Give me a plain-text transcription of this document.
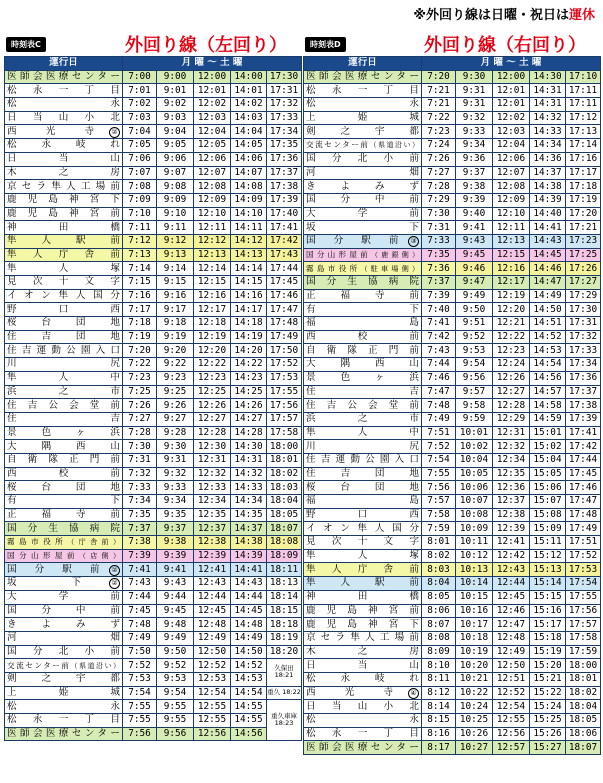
※外回り線は日曜・祝日は運休
時刻表C	外回り線（左回り）
運行日	月 曜 ～ 土 曜				
医師会医療センター	7:00	9:00	12:00	14:00	17:30
松 永 一 丁 目	7:01	9:01	12:01	14:01	17:31
松 永	7:02	9:02	12:02	14:02	17:32
日 当 山 小 北	7:03	9:03	12:03	14:03	17:33
西 光 寺 ②	7:04	9:04	12:04	14:04	17:34
松 永 岐 れ	7:05	9:05	12:05	14:05	17:35
日 当 山	7:06	9:06	12:06	14:06	17:36
木 之 房	7:07	9:07	12:07	14:07	17:37
京セラ隼人工場前	7:08	9:08	12:08	14:08	17:38
鹿 児 島 神 宮 下	7:09	9:09	12:09	14:09	17:39
鹿 児 島 神 宮 前	7:10	9:10	12:10	14:10	17:40
神 田 橋	7:11	9:11	12:11	14:11	17:41
隼 人 駅 前	7:12	9:12	12:12	14:12	17:42
隼 人 庁 舎 前	7:13	9:13	12:13	14:13	17:43
隼 人 塚	7:14	9:14	12:14	14:14	17:44
見 次 十 文 字	7:15	9:15	12:15	14:15	17:45
イオン隼人国分	7:16	9:16	12:16	14:16	17:46
野 口 西	7:17	9:17	12:17	14:17	17:47
桜 台 団 地	7:18	9:18	12:18	14:18	17:48
住 吉 団 地	7:19	9:19	12:19	14:19	17:49
住吉運動公園入口	7:20	9:20	12:20	14:20	17:50
川 尻	7:22	9:22	12:22	14:22	17:52
隼 人 中	7:23	9:23	12:23	14:23	17:53
浜 之 市	7:25	9:25	12:25	14:25	17:55
住 吉 公 会 堂 前	7:26	9:26	12:26	14:26	17:56
住 吉	7:27	9:27	12:27	14:27	17:57
景 色 ヶ 浜	7:28	9:28	12:28	14:28	17:58
大 隅 西 山	7:30	9:30	12:30	14:30	18:00
自 衛 隊 正 門 前	7:31	9:31	12:31	14:31	18:01
西 校 前	7:32	9:32	12:32	14:32	18:02
桜 台 団 地	7:33	9:33	12:33	14:33	18:03
有 下	7:34	9:34	12:34	14:34	18:04
正 福 寺 前	7:35	9:35	12:35	14:35	18:05
国 分 生 協 病 院	7:37	9:37	12:37	14:37	18:07
霧島市役所（庁舎前）	7:38	9:38	12:38	14:38	18:08
国分山形屋前（店側）	7:39	9:39	12:39	14:39	18:09
国 分 駅 前 ②	7:41	9:41	12:41	14:41	18:11
坂 下 ②	7:43	9:43	12:43	14:43	18:13
大 学 前	7:44	9:44	12:44	14:44	18:14
国 分 中 前	7:45	9:45	12:45	14:45	18:15
き よ み ず	7:48	9:48	12:48	14:48	18:18
河 畑	7:49	9:49	12:49	14:49	18:19
国 分 北 小 前	7:50	9:50	12:50	14:50	18:20
交流センター前（県道沿い）	7:52	9:52	12:52	14:52	久保田 18:21
剣 之 宇 都	7:53	9:53	12:53	14:53	
上 姫 城	7:54	9:54	12:54	14:54	重久 18:22
松 永	7:55	9:55	12:55	14:55	重久車庫 18:23
松 永 一 丁 目	7:55	9:55	12:55	14:55	
医師会医療センター	7:56	9:56	12:56	14:56	
時刻表D	外回り線（右回り）
運行日	月 曜 ～ 土 曜				
医師会医療センター	7:20	9:30	12:00	14:30	17:10
松 永 一 丁 目	7:21	9:31	12:01	14:31	17:11
松 永	7:21	9:31	12:01	14:31	17:11
上 姫 城	7:22	9:32	12:02	14:32	17:12
剣 之 宇 都	7:23	9:33	12:03	14:33	17:13
交流センター前（県道沿い）	7:24	9:34	12:04	14:34	17:14
国 分 北 小 前	7:26	9:36	12:06	14:36	17:16
河 畑	7:27	9:37	12:07	14:37	17:17
き よ み ず	7:28	9:38	12:08	14:38	17:18
国 分 中 前	7:29	9:39	12:09	14:39	17:19
大 学 前	7:30	9:40	12:10	14:40	17:20
坂 下	7:31	9:41	12:11	14:41	17:21
国 分 駅 前 ③	7:33	9:43	12:13	14:43	17:23
国分山形屋前（鹿銀側）	7:35	9:45	12:15	14:45	17:25
霧島市役所（駐車場側）	7:36	9:46	12:16	14:46	17:26
国 分 生 協 病 院	7:37	9:47	12:17	14:47	17:27
正 福 寺 前	7:39	9:49	12:19	14:49	17:29
有 下	7:40	9:50	12:20	14:50	17:30
福 島	7:41	9:51	12:21	14:51	17:31
西 校 前	7:42	9:52	12:22	14:52	17:32
自 衛 隊 正 門 前	7:43	9:53	12:23	14:53	17:33
大 隅 西 山	7:44	9:54	12:24	14:54	17:34
景 色 ヶ 浜	7:46	9:56	12:26	14:56	17:36
住 吉	7:47	9:57	12:27	14:57	17:37
住 吉 公 会 堂 前	7:48	9:58	12:28	14:58	17:38
浜 之 市	7:49	9:59	12:29	14:59	17:39
隼 人 中	7:51	10:01	12:31	15:01	17:41
川 尻	7:52	10:02	12:32	15:02	17:42
住吉運動公園入口	7:54	10:04	12:34	15:04	17:44
住 吉 団 地	7:55	10:05	12:35	15:05	17:45
桜 台 団 地	7:56	10:06	12:36	15:06	17:46
福 島	7:57	10:07	12:37	15:07	17:47
野 口 西	7:58	10:08	12:38	15:08	17:48
イオン隼人国分	7:59	10:09	12:39	15:09	17:49
見 次 十 文 字	8:01	10:11	12:41	15:11	17:51
隼 人 塚	8:02	10:12	12:42	15:12	17:52
隼 人 庁 舎 前	8:03	10:13	12:43	15:13	17:53
隼 人 駅 前	8:04	10:14	12:44	15:14	17:54
神 田 橋	8:05	10:15	12:45	15:15	17:55
鹿 児 島 神 宮 前	8:06	10:16	12:46	15:16	17:56
鹿 児 島 神 宮 下	8:07	10:17	12:47	15:17	17:57
京セラ隼人工場前	8:08	10:18	12:48	15:18	17:58
木 之 房	8:09	10:19	12:49	15:19	17:59
日 当 山	8:10	10:20	12:50	15:20	18:00
松 永 岐 れ	8:11	10:21	12:51	15:21	18:01
西 光 寺 ④	8:12	10:22	12:52	15:22	18:02
日 当 山 小 北	8:14	10:24	12:54	15:24	18:04
松 永	8:15	10:25	12:55	15:25	18:05
松 永 一 丁 目	8:16	10:26	12:56	15:26	18:06
医師会医療センター	8:17	10:27	12:57	15:27	18:07
